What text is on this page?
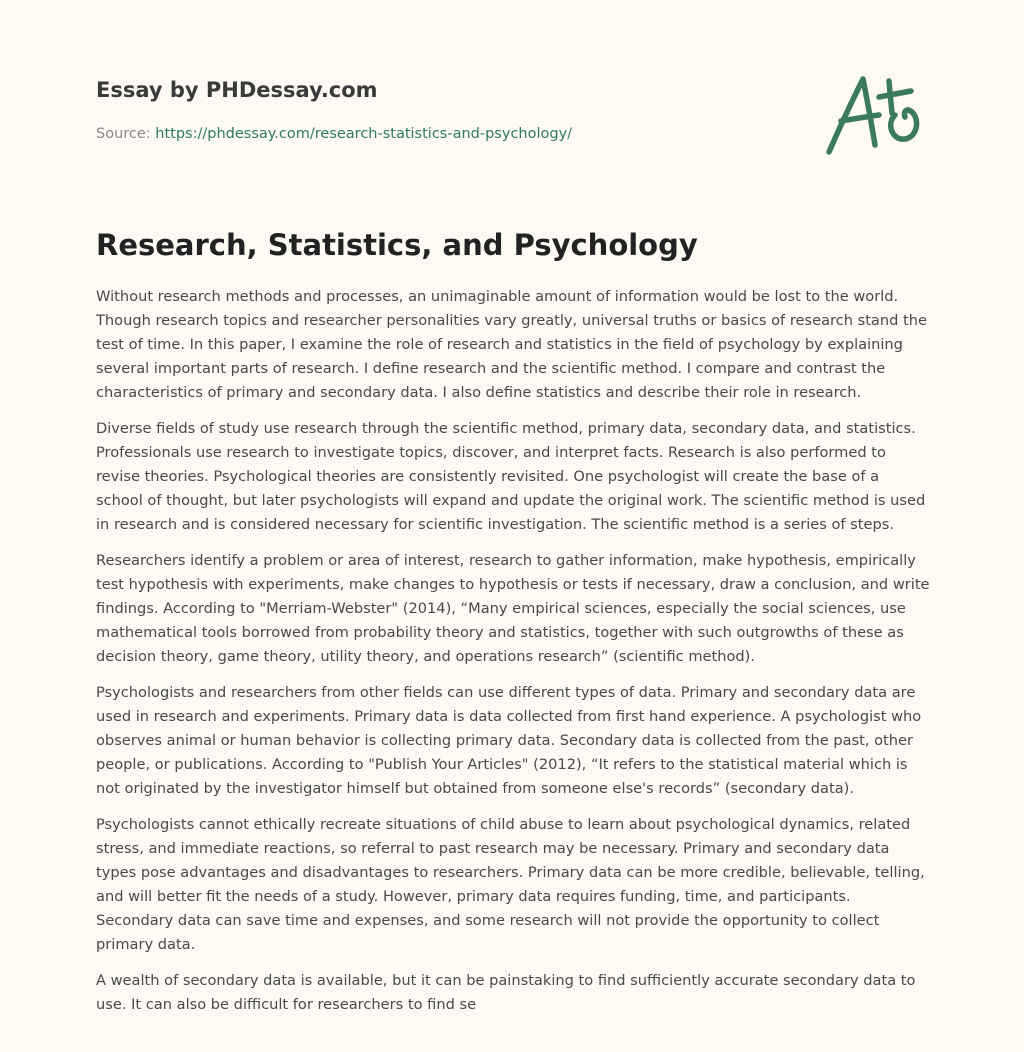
Essay by PHDessay.com
Source: https://phdessay.com/research-statistics-and-psychology/
Research, Statistics, and Psychology

Without research methods and processes, an unimaginable amount of information would be lost to the world. Though research topics and researcher personalities vary greatly, universal truths or basics of research stand the test of time. In this paper, I examine the role of research and statistics in the field of psychology by explaining several important parts of research. I define research and the scientific method. I compare and contrast the characteristics of primary and secondary data. I also define statistics and describe their role in research.

Diverse fields of study use research through the scientific method, primary data, secondary data, and statistics. Professionals use research to investigate topics, discover, and interpret facts. Research is also performed to revise theories. Psychological theories are consistently revisited. One psychologist will create the base of a school of thought, but later psychologists will expand and update the original work. The scientific method is used in research and is considered necessary for scientific investigation. The scientific method is a series of steps.

Researchers identify a problem or area of interest, research to gather information, make hypothesis, empirically test hypothesis with experiments, make changes to hypothesis or tests if necessary, draw a conclusion, and write findings. According to "Merriam-Webster" (2014), “Many empirical sciences, especially the social sciences, use mathematical tools borrowed from probability theory and statistics, together with such outgrowths of these as decision theory, game theory, utility theory, and operations research” (scientific method).

Psychologists and researchers from other fields can use different types of data. Primary and secondary data are used in research and experiments. Primary data is data collected from first hand experience. A psychologist who observes animal or human behavior is collecting primary data. Secondary data is collected from the past, other people, or publications. According to "Publish Your Articles" (2012), “It refers to the statistical material which is not originated by the investigator himself but obtained from someone else's records” (secondary data).

Psychologists cannot ethically recreate situations of child abuse to learn about psychological dynamics, related stress, and immediate reactions, so referral to past research may be necessary. Primary and secondary data types pose advantages and disadvantages to researchers. Primary data can be more credible, believable, telling, and will better fit the needs of a study. However, primary data requires funding, time, and participants. Secondary data can save time and expenses, and some research will not provide the opportunity to collect primary data.

A wealth of secondary data is available, but it can be painstaking to find sufficiently accurate secondary data to use. It can also be difficult for researchers to find se
